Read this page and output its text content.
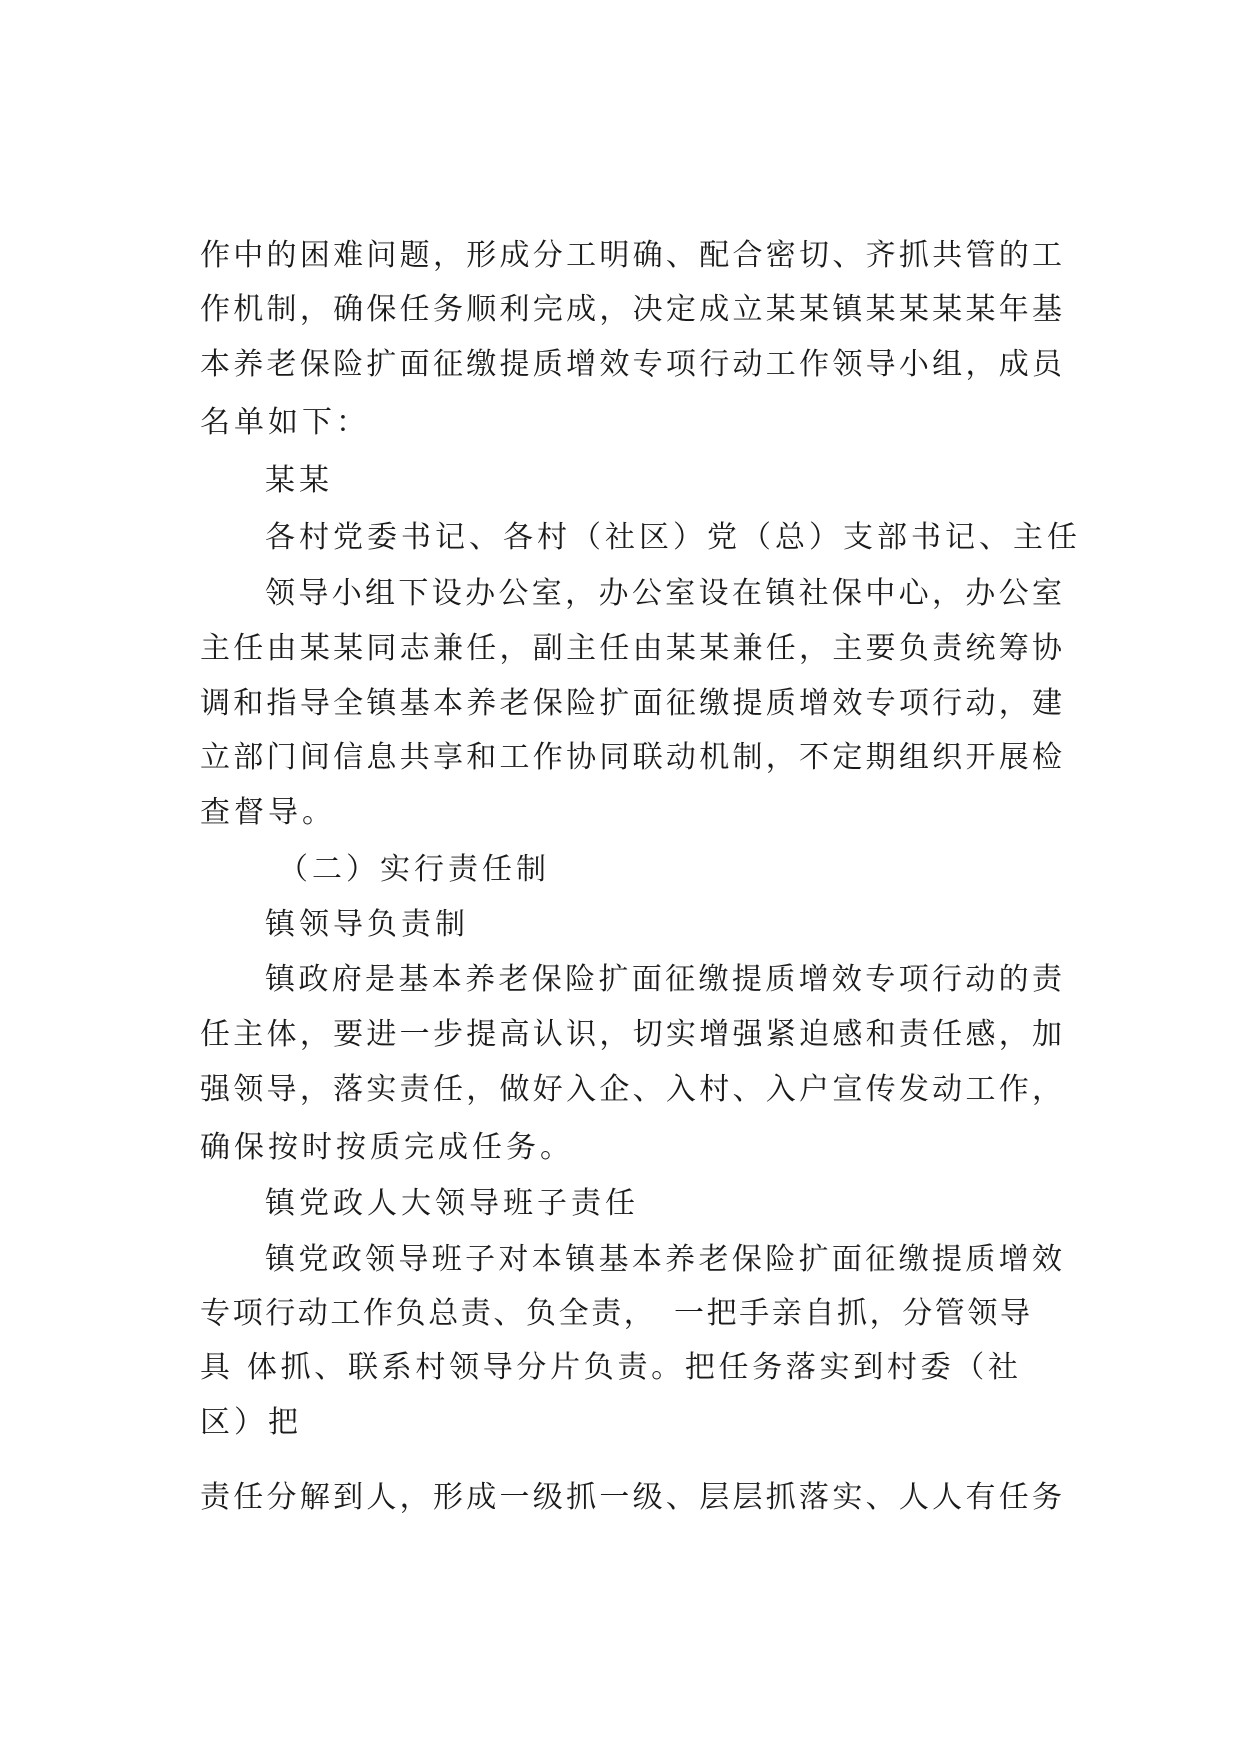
作中的困难问题，形成分工明确、配合密切、齐抓共管的工

作机制，确保任务顺利完成，决定成立某某镇某某某某年基

本养老保险扩面征缴提质增效专项行动工作领导小组，成员

名单如下：

某某

各村党委书记、各村（社区）党（总）支部书记、主任

领导小组下设办公室，办公室设在镇社保中心，办公室

主任由某某同志兼任，副主任由某某兼任，主要负责统筹协

调和指导全镇基本养老保险扩面征缴提质增效专项行动，建

立部门间信息共享和工作协同联动机制，不定期组织开展检

查督导。

（二）实行责任制

镇领导负责制

镇政府是基本养老保险扩面征缴提质增效专项行动的责

任主体，要进一步提高认识，切实增强紧迫感和责任感，加

强领导，落实责任，做好入企、入村、入户宣传发动工作，

确保按时按质完成任务。

镇党政人大领导班子责任

镇党政领导班子对本镇基本养老保险扩面征缴提质增效

专项行动工作负总责、负全责，　一把手亲自抓，分管领导

具 体抓、联系村领导分片负责。把任务落实到村委（社

区）把

责任分解到人，形成一级抓一级、层层抓落实、人人有任务
